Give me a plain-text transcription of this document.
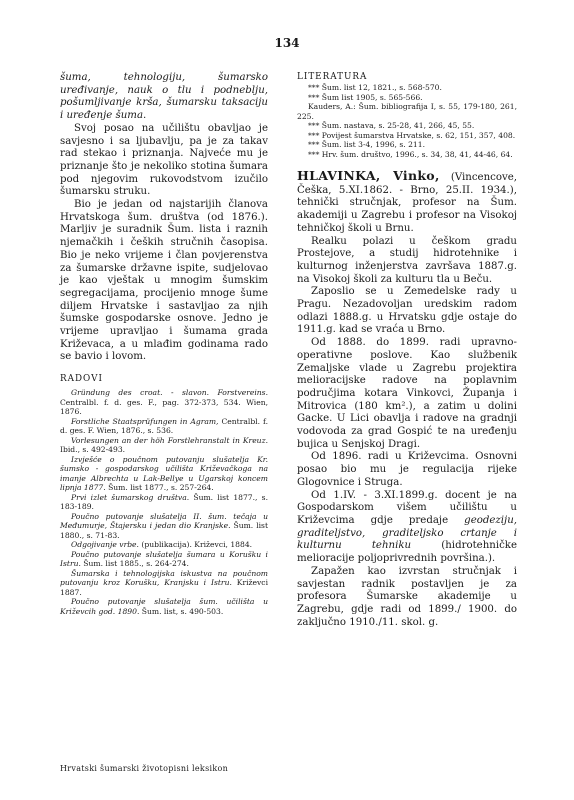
134

šuma, tehnologiju, šumarsko uređivanje, nauk o tlu i podneblju, pošumljivanje krša, šumarsku taksaciju i uređenje šuma.

Svoj posao na učilištu obavljao je savjesno i sa ljubavlju, pa je za takav rad stekao i priznanja. Najveće mu je priznanje što je nekoliko stotina šumara pod njegovim rukovodstvom izučilo šumarsku struku.

Bio je jedan od najstarijih članova Hrvatskoga šum. društva (od 1876.). Marljiv je suradnik Šum. lista i raznih njemačkih i čeških stručnih časopisa. Bio je neko vrijeme i član povjerenstva za šumarske državne ispite, sudjelovao je kao vještak u mnogim šumskim segregacijama, procijenio mnoge šume diljem Hrvatske i sastavljao za njih šumske gospodarske osnove. Jedno je vrijeme upravljao i šumama grada Križevaca, a u mlađim godinama rado se bavio i lovom.

RADOVI

Gründung des croat. - slavon. Forstvereins. Centralbl. f. d. ges. F., pag. 372-373, 534. Wien, 1876.

Forstliche Staatsprüfungen in Agram, Centralbl. f. d. ges. F. Wien, 1876., s. 536.

Vorlesungen an der höh Forstlehranstalt in Kreuz. Ibid., s. 492-493.

Izvješće o poučnom putovanju slušatelja Kr. šumsko - gospodarskog učilišta Križevačkoga na imanje Albrechta u Lak-Bellye u Ugarskoj koncem lipnja 1877. Šum. list 1877., s. 257-264.

Prvi izlet šumarskog društva. Šum. list 1877., s. 183-189.

Poučno putovanje slušatelja II. šum. tečaja u Međumurje, Štajersku i jedan dio Kranjske. Šum. list 1880., s. 71-83.

Odgojivanje vrbe. (publikacija). Križevci, 1884.

Poučno putovanje slušatelja šumara u Korušku i Istru. Šum. list 1885., s. 264-274.

Šumarska i tehnologijska iskustva na poučnom putovanju kroz Korušku, Kranjsku i Istru. Križevci 1887.

Poučno putovanje slušatelja šum. učilišta u Križevcih god. 1890. Šum. list, s. 490-503.

LITERATURA

*** Šum. list 12, 1821., s. 568-570.

*** Šum list 1905, s. 565-566.

Kauders, A.: Šum. bibliografija I, s. 55, 179-180, 261, 225.

*** Šum. nastava, s. 25-28, 41, 266, 45, 55.

*** Povijest šumarstva Hrvatske, s. 62, 151, 357, 408.

*** Šum. list 3-4, 1996, s. 211.

*** Hrv. šum. društvo, 1996., s. 34, 38, 41, 44-46, 64.

HLAVINKA, Vinko, (Vincencove, Češka, 5.XI.1862. - Brno, 25.II. 1934.), tehnički stručnjak, profesor na Šum. akademiji u Zagrebu i profesor na Visokoj tehničkoj školi u Brnu.

Realku polazi u češkom gradu Prostejove, a studij hidrotehnike i kulturnog inženjerstva završava 1887.g. na Visokoj školi za kulturu tla u Beču.

Zaposlio se u Zemedelske rady u Pragu. Nezadovoljan uredskim radom odlazi 1888.g. u Hrvatsku gdje ostaje do 1911.g. kad se vraća u Brno.

Od 1888. do 1899. radi upravno-operativne poslove. Kao službenik Zemaljske vlade u Zagrebu projektira melioracijske radove na poplavnim područjima kotara Vinkovci, Županja i Mitrovica (180 km².), a zatim u dolini Gacke. U Lici obavlja i radove na gradnji vodovoda za grad Gospić te na uređenju bujica u Senjskoj Dragi.

Od 1896. radi u Križevcima. Osnovni posao bio mu je regulacija rijeke Glogovnice i Struga.

Od 1.IV. - 3.XI.1899.g. docent je na Gospodarskom višem učilištu u Križevcima gdje predaje geodeziju, graditeljstvo, graditeljsko crtanje i kulturnu tehniku (hidrotehničke melioracije poljoprivrednih površina.).

Zapažen kao izvrstan stručnjak i savjestan radnik postavljen je za profesora Šumarske akademije u Zagrebu, gdje radi od 1899./ 1900. do zaključno 1910./11. skol. g.

Hrvatski šumarski životopisni leksikon
